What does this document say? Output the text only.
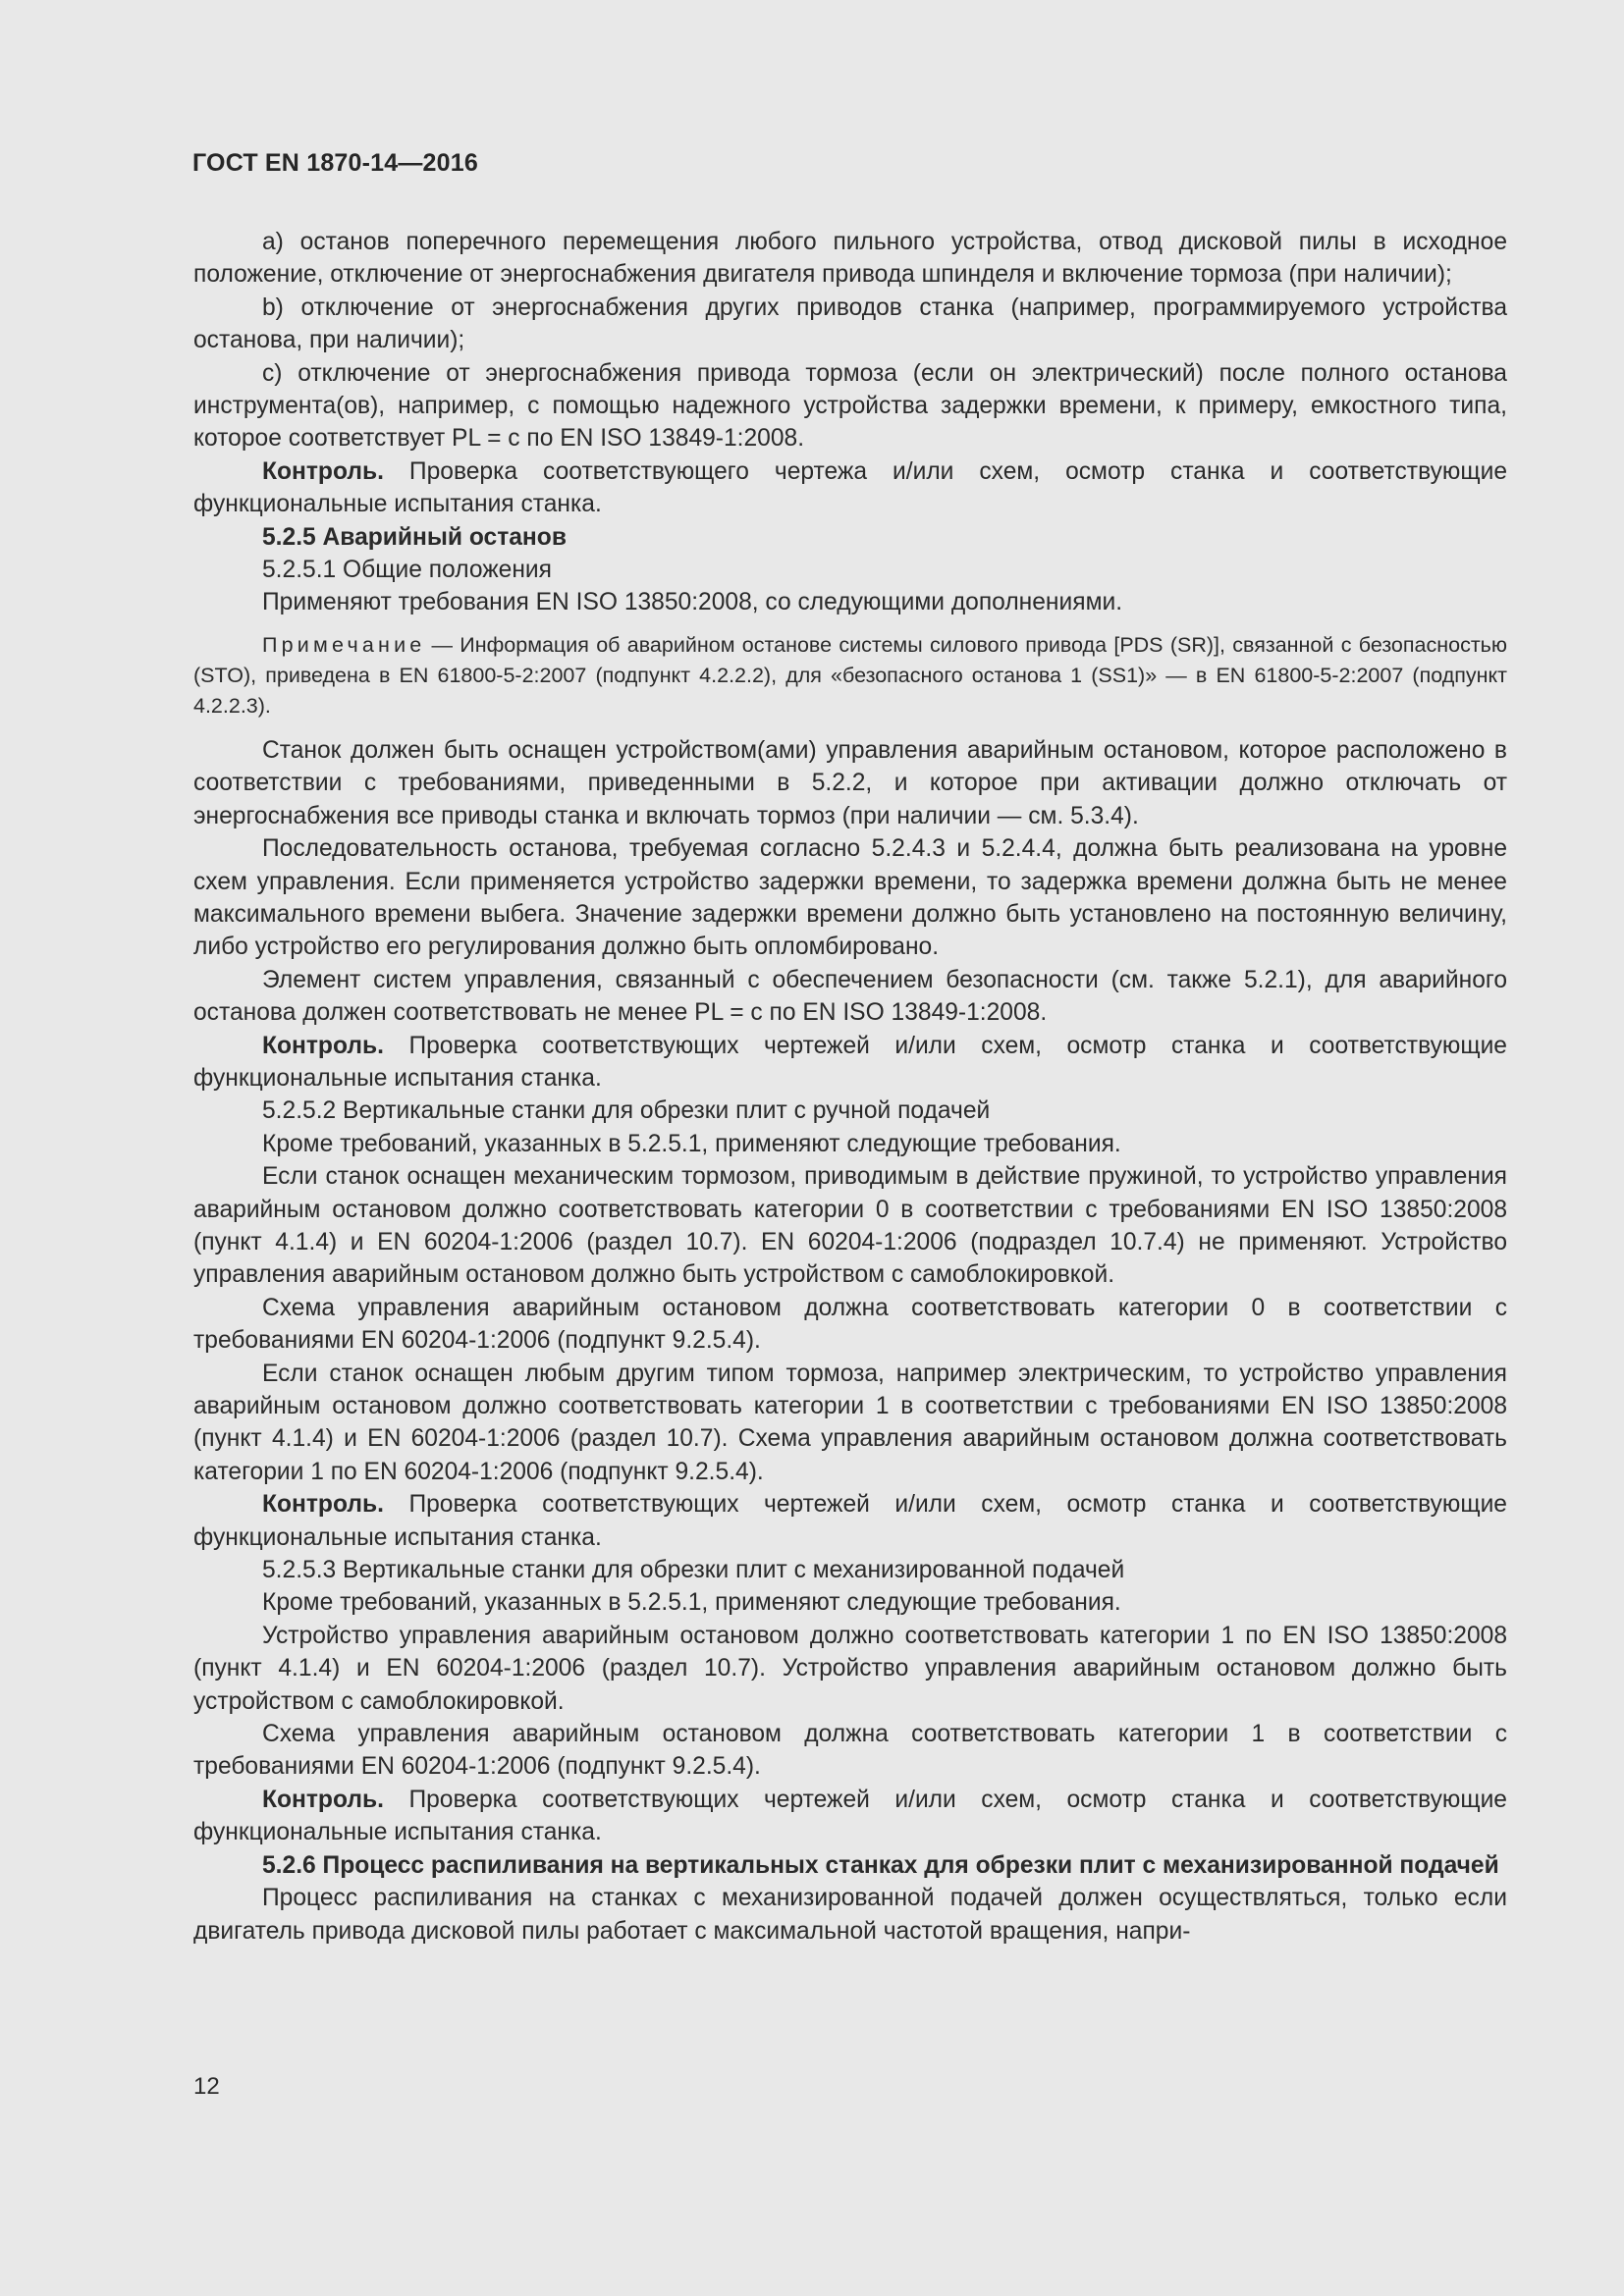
ГОСТ EN 1870-14—2016

a) останов поперечного перемещения любого пильного устройства, отвод дисковой пилы в исходное положение, отключение от энергоснабжения двигателя привода шпинделя и включение тормоза (при наличии);

b) отключение от энергоснабжения других приводов станка (например, программируемого устройства останова, при наличии);

c) отключение от энергоснабжения привода тормоза (если он электрический) после полного останова инструмента(ов), например, с помощью надежного устройства задержки времени, к примеру, емкостного типа, которое соответствует PL = c по EN ISO 13849-1:2008.

Контроль. Проверка соответствующего чертежа и/или схем, осмотр станка и соответствующие функциональные испытания станка.

5.2.5 Аварийный останов

5.2.5.1 Общие положения

Применяют требования EN ISO 13850:2008, со следующими дополнениями.

Примечание — Информация об аварийном останове системы силового привода [PDS (SR)], связанной с безопасностью (STO), приведена в EN 61800-5-2:2007 (подпункт 4.2.2.2), для «безопасного останова 1 (SS1)» — в EN 61800-5-2:2007 (подпункт 4.2.2.3).

Станок должен быть оснащен устройством(ами) управления аварийным остановом, которое расположено в соответствии с требованиями, приведенными в 5.2.2, и которое при активации должно отключать от энергоснабжения все приводы станка и включать тормоз (при наличии — см. 5.3.4).

Последовательность останова, требуемая согласно 5.2.4.3 и 5.2.4.4, должна быть реализована на уровне схем управления. Если применяется устройство задержки времени, то задержка времени должна быть не менее максимального времени выбега. Значение задержки времени должно быть установлено на постоянную величину, либо устройство его регулирования должно быть опломбировано.

Элемент систем управления, связанный с обеспечением безопасности (см. также 5.2.1), для аварийного останова должен соответствовать не менее PL = c по EN ISO 13849-1:2008.

Контроль. Проверка соответствующих чертежей и/или схем, осмотр станка и соответствующие функциональные испытания станка.

5.2.5.2 Вертикальные станки для обрезки плит с ручной подачей

Кроме требований, указанных в 5.2.5.1, применяют следующие требования.

Если станок оснащен механическим тормозом, приводимым в действие пружиной, то устройство управления аварийным остановом должно соответствовать категории 0 в соответствии с требованиями EN ISO 13850:2008 (пункт 4.1.4) и EN 60204-1:2006 (раздел 10.7). EN 60204-1:2006 (подраздел 10.7.4) не применяют. Устройство управления аварийным остановом должно быть устройством с самоблокировкой.

Схема управления аварийным остановом должна соответствовать категории 0 в соответствии с требованиями EN 60204-1:2006 (подпункт 9.2.5.4).

Если станок оснащен любым другим типом тормоза, например электрическим, то устройство управления аварийным остановом должно соответствовать категории 1 в соответствии с требованиями EN ISO 13850:2008 (пункт 4.1.4) и EN 60204-1:2006 (раздел 10.7). Схема управления аварийным остановом должна соответствовать категории 1 по EN 60204-1:2006 (подпункт 9.2.5.4).

Контроль. Проверка соответствующих чертежей и/или схем, осмотр станка и соответствующие функциональные испытания станка.

5.2.5.3 Вертикальные станки для обрезки плит с механизированной подачей

Кроме требований, указанных в 5.2.5.1, применяют следующие требования.

Устройство управления аварийным остановом должно соответствовать категории 1 по EN ISO 13850:2008 (пункт 4.1.4) и EN 60204-1:2006 (раздел 10.7). Устройство управления аварийным остановом должно быть устройством с самоблокировкой.

Схема управления аварийным остановом должна соответствовать категории 1 в соответствии с требованиями EN 60204-1:2006 (подпункт 9.2.5.4).

Контроль. Проверка соответствующих чертежей и/или схем, осмотр станка и соответствующие функциональные испытания станка.

5.2.6 Процесс распиливания на вертикальных станках для обрезки плит с механизированной подачей

Процесс распиливания на станках с механизированной подачей должен осуществляться, только если двигатель привода дисковой пилы работает с максимальной частотой вращения, напри-

12
